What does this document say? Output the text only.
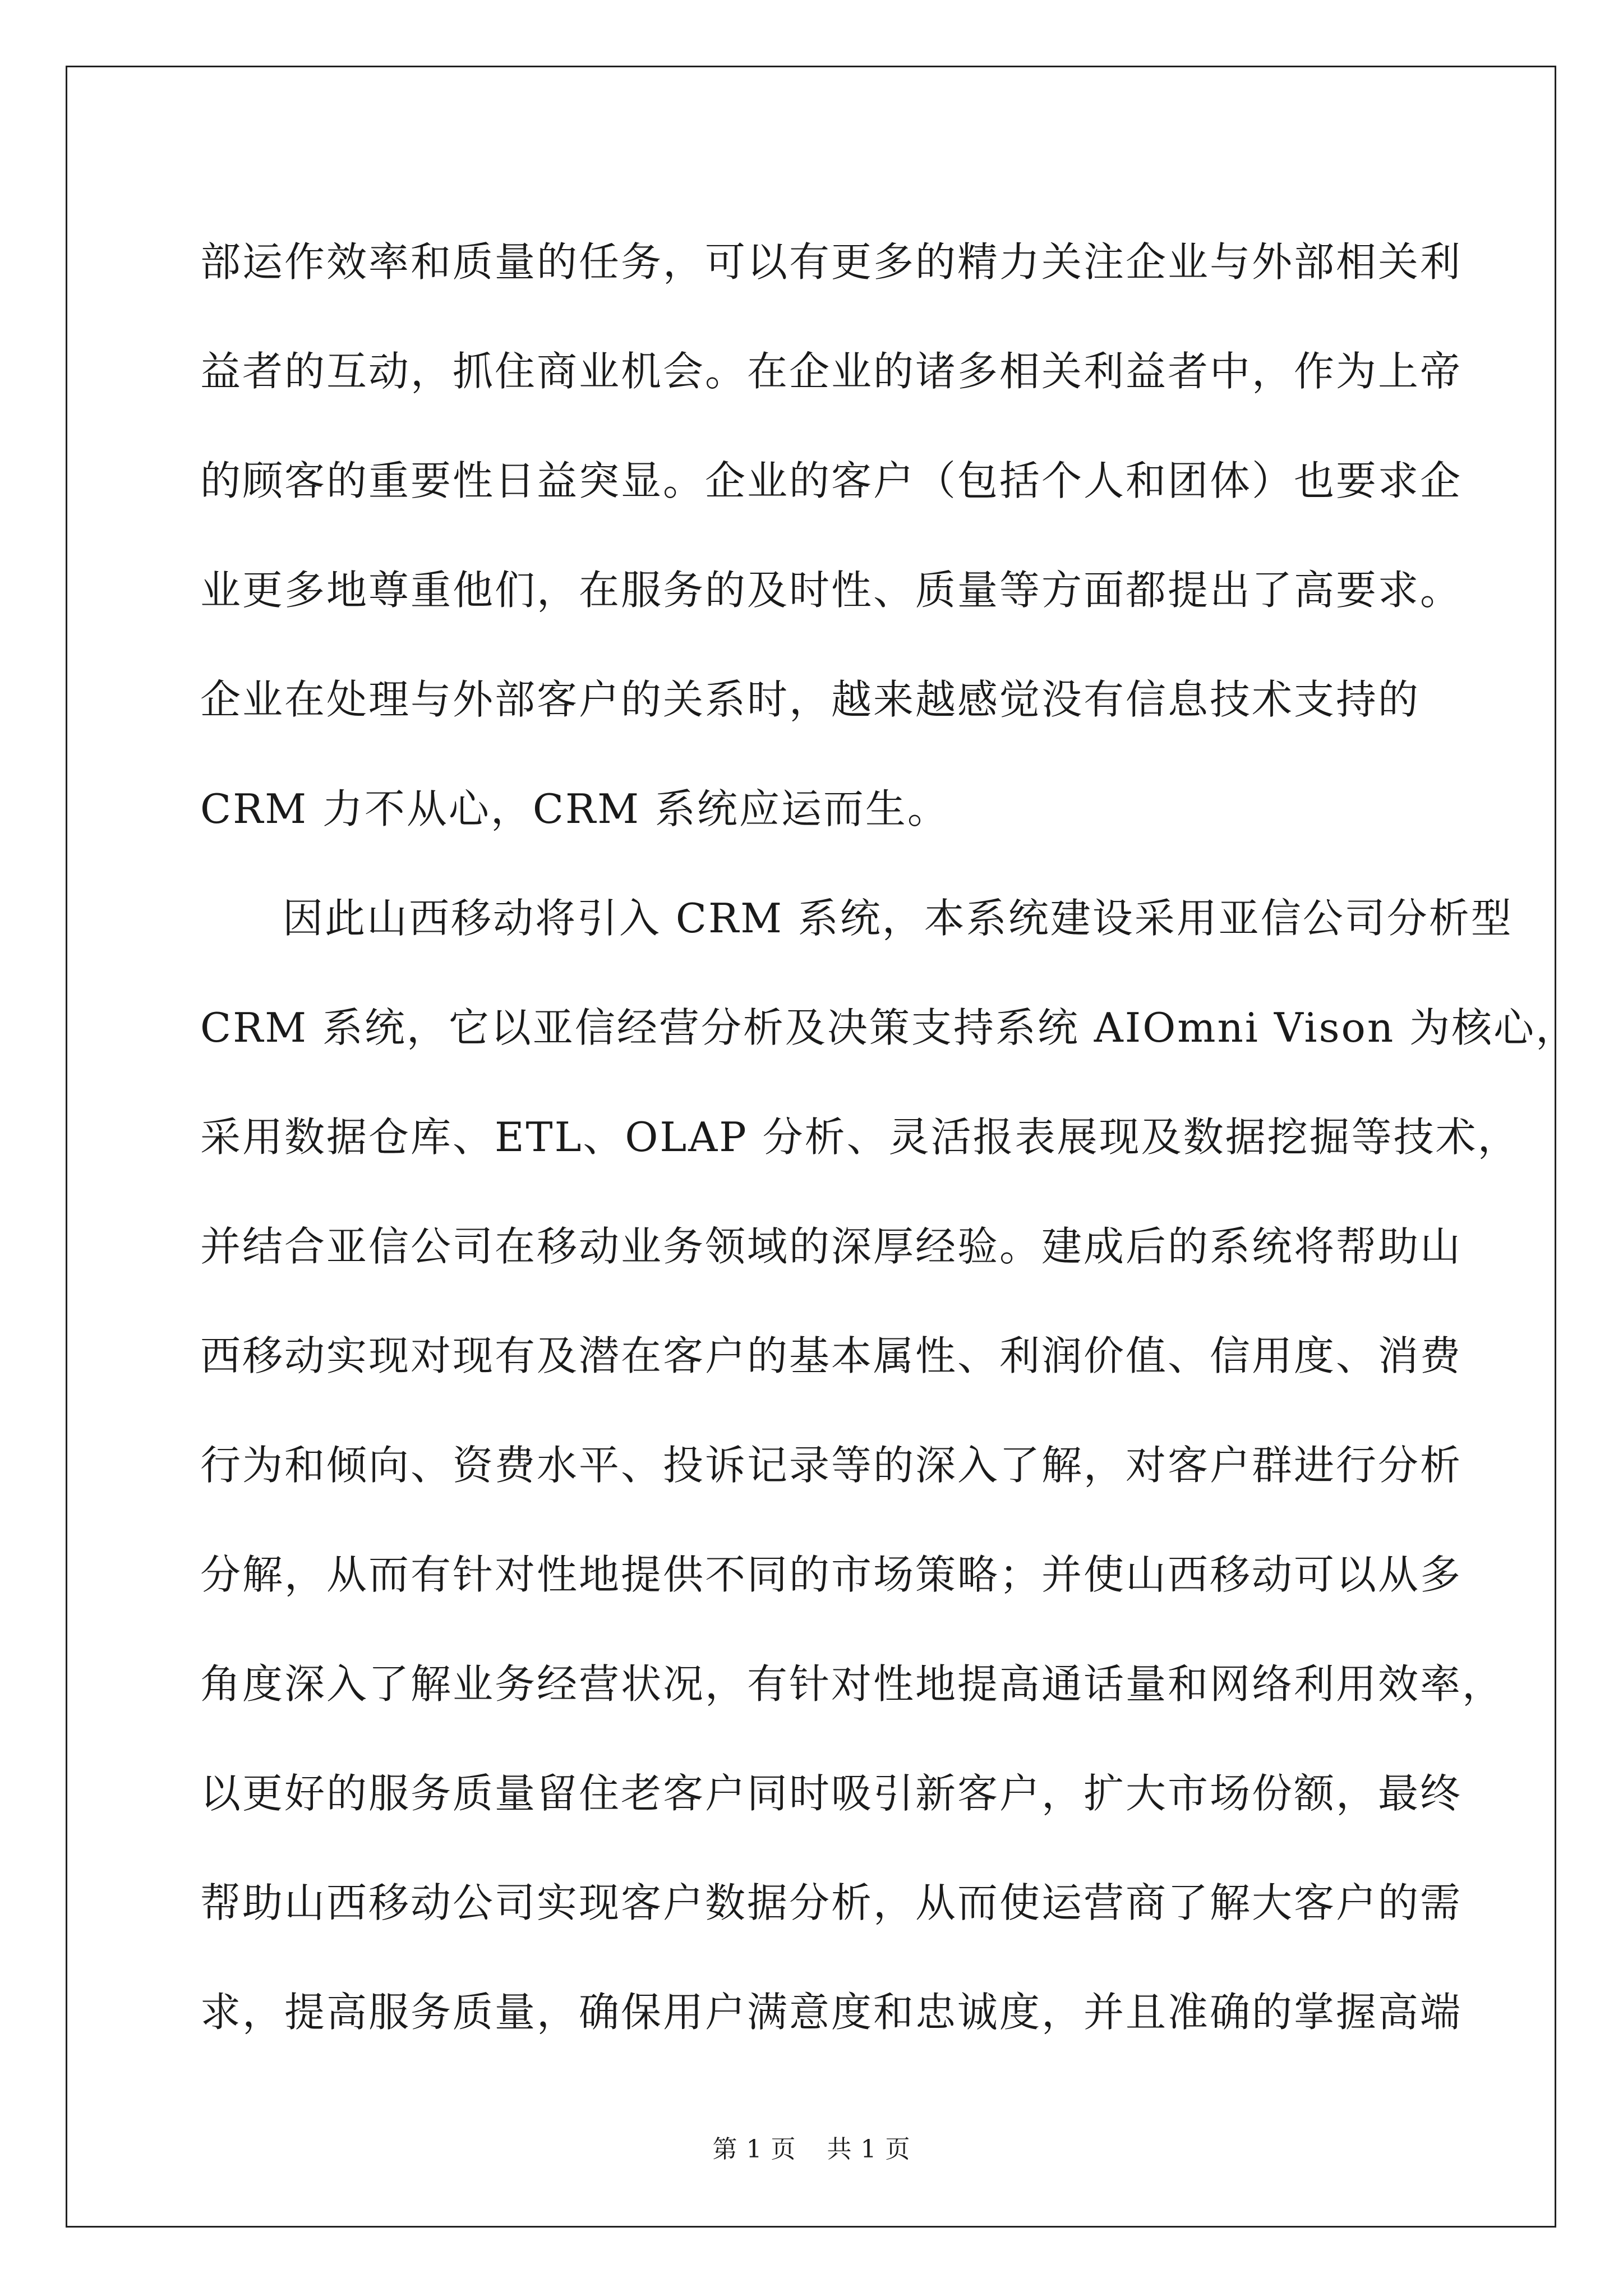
部运作效率和质量的任务，可以有更多的精力关注企业与外部相关利
益者的互动，抓住商业机会。在企业的诸多相关利益者中，作为上帝
的顾客的重要性日益突显。企业的客户（包括个人和团体）也要求企
业更多地尊重他们，在服务的及时性、质量等方面都提出了高要求。
企业在处理与外部客户的关系时，越来越感觉没有信息技术支持的
CRM 力不从心，CRM 系统应运而生。
因此山西移动将引入 CRM 系统，本系统建设采用亚信公司分析型
CRM 系统，它以亚信经营分析及决策支持系统 AIOmni Vison 为核心，
采用数据仓库、ETL、OLAP 分析、灵活报表展现及数据挖掘等技术，
并结合亚信公司在移动业务领域的深厚经验。建成后的系统将帮助山
西移动实现对现有及潜在客户的基本属性、利润价值、信用度、消费
行为和倾向、资费水平、投诉记录等的深入了解，对客户群进行分析
分解，从而有针对性地提供不同的市场策略；并使山西移动可以从多
角度深入了解业务经营状况，有针对性地提高通话量和网络利用效率，
以更好的服务质量留住老客户同时吸引新客户，扩大市场份额，最终
帮助山西移动公司实现客户数据分析，从而使运营商了解大客户的需
求，提高服务质量，确保用户满意度和忠诚度，并且准确的掌握高端
第 1 页 共 1 页
